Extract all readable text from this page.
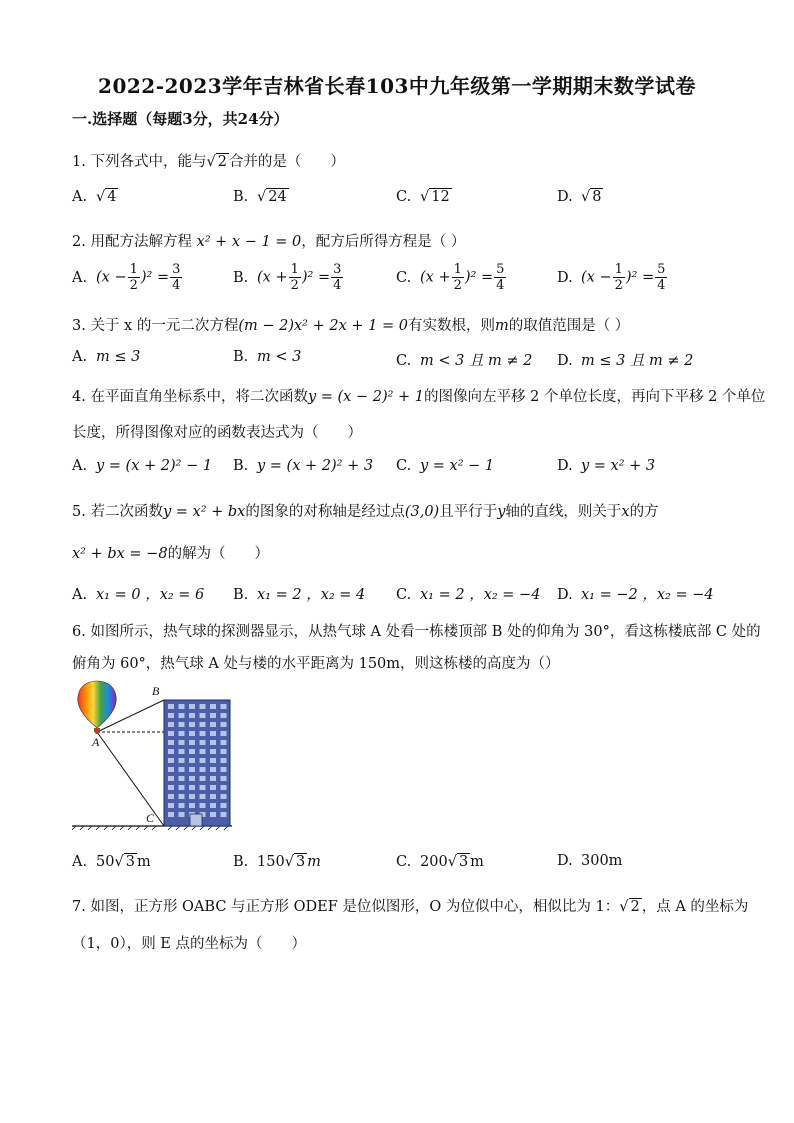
2022-2023学年吉林省长春103中九年级第一学期期末数学试卷
一.选择题（每题3分，共24分）
1. 下列各式中，能与√ 2 合并的是（　　）
A. √ 4	B. √ 24	C. √ 12	D. √ 8
2. 用配方法解方程 x² + x − 1 = 0，配方后所得方程是（ ）
A. $(x - \frac{1}{2} )^2 = \frac{3}{4}$	B. $(x + \frac{1}{2} )^2 = \frac{3}{4}$	C. $(x + \frac{1}{2} )^2 = \frac{5}{4}$	D. $(x - \frac{1}{2} )^2 = \frac{5}{4}$
3. 关于 x 的一元二次方程(m − 2)x² + 2x + 1 = 0有实数根，则m的取值范围是（ ）
A. m ≤ 3	B. m < 3	C. m < 3 且 m ≠ 2 D. m ≤ 3 且 m ≠ 2
4. 在平面直角坐标系中，将二次函数y = (x − 2)² + 1的图像向左平移 2 个单位长度，再向下平移 2 个单位
长度，所得图像对应的函数表达式为（　　）
A. y = (x + 2)² − 1 B. y = (x + 2)² + 3 C. y = x² − 1	D. y = x² + 3
5. 若二次函数y = x² + bx的图象的对称轴是经过点(3,0)且平行于y轴的直线，则关于x的方
x² + bx = −8的解为（　　）
A. x₁ = 0 ，x₂ = 6 B. x₁ = 2 ，x₂ = 4 C. x₁ = 2 ，x₂ = −4 D. x₁ = −2 ，x₂ = −4
6. 如图所示，热气球的探测器显示，从热气球 A 处看一栋楼顶部 B 处的仰角为 30°，看这栋楼底部 C 处的
俯角为 60°，热气球 A 处与楼的水平距离为 150m，则这栋楼的高度为（）
B
A
C
A. 50√ 3 m	B. 150√ 3 m	C. 200√ 3 m	D. 300m
7. 如图，正方形 OABC 与正方形 ODEF 是位似图形，O 为位似中心，相似比为 1：√ 2 ，点 A 的坐标为
（1，0），则 E 点的坐标为（　　）
